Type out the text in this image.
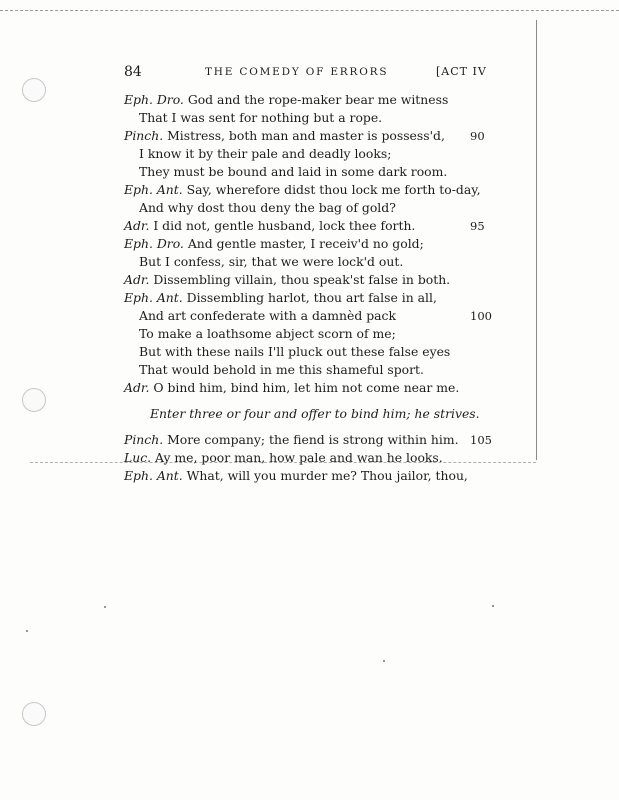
84	THE COMEDY OF ERRORS	[ACT IV
Eph. Dro. God and the rope-maker bear me witness
That I was sent for nothing but a rope.
Pinch. Mistress, both man and master is possess'd, 90
I know it by their pale and deadly looks;
They must be bound and laid in some dark room.
Eph. Ant. Say, wherefore didst thou lock me forth to-day,
And why dost thou deny the bag of gold?
Adr. I did not, gentle husband, lock thee forth.	95
Eph. Dro. And gentle master, I receiv'd no gold;
But I confess, sir, that we were lock'd out.
Adr. Dissembling villain, thou speak'st false in both.
Eph. Ant. Dissembling harlot, thou art false in all,
And art confederate with a damnèd pack	100
To make a loathsome abject scorn of me;
But with these nails I'll pluck out these false eyes
That would behold in me this shameful sport.
Adr. O bind him, bind him, let him not come near me.
Enter three or four and offer to bind him; he strives.
Pinch. More company; the fiend is strong within him. 105
Luc. Ay me, poor man, how pale and wan he looks.
Eph. Ant. What, will you murder me? Thou jailor, thou,
